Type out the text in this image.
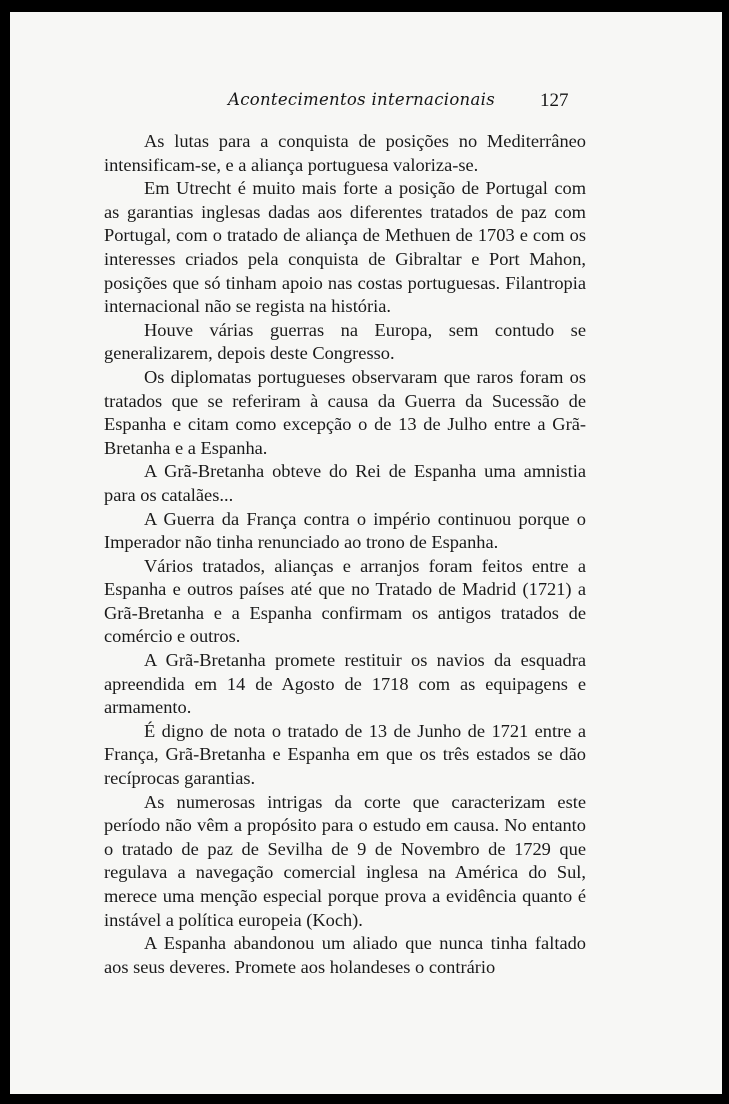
Acontecimentos internacionais 127

As lutas para a conquista de posições no Mediterrâneo intensificam-se, e a aliança portuguesa valoriza-se.

Em Utrecht é muito mais forte a posição de Portugal com as garantias inglesas dadas aos diferentes tratados de paz com Portugal, com o tratado de aliança de Methuen de 1703 e com os interesses criados pela conquista de Gibraltar e Port Mahon, posições que só tinham apoio nas costas portuguesas. Filantropia internacional não se regista na história.

Houve várias guerras na Europa, sem contudo se generalizarem, depois deste Congresso.

Os diplomatas portugueses observaram que raros foram os tratados que se referiram à causa da Guerra da Sucessão de Espanha e citam como excepção o de 13 de Julho entre a Grã-Bretanha e a Espanha.

A Grã-Bretanha obteve do Rei de Espanha uma amnistia para os catalães...

A Guerra da França contra o império continuou porque o Imperador não tinha renunciado ao trono de Espanha.

Vários tratados, alianças e arranjos foram feitos entre a Espanha e outros países até que no Tratado de Madrid (1721) a Grã-Bretanha e a Espanha confirmam os antigos tratados de comércio e outros.

A Grã-Bretanha promete restituir os navios da esquadra apreendida em 14 de Agosto de 1718 com as equipagens e armamento.

É digno de nota o tratado de 13 de Junho de 1721 entre a França, Grã-Bretanha e Espanha em que os três estados se dão recíprocas garantias.

As numerosas intrigas da corte que caracterizam este período não vêm a propósito para o estudo em causa. No entanto o tratado de paz de Sevilha de 9 de Novembro de 1729 que regulava a navegação comercial inglesa na América do Sul, merece uma menção especial porque prova a evidência quanto é instável a política europeia (Koch).

A Espanha abandonou um aliado que nunca tinha faltado aos seus deveres. Promete aos holandeses o contrário
